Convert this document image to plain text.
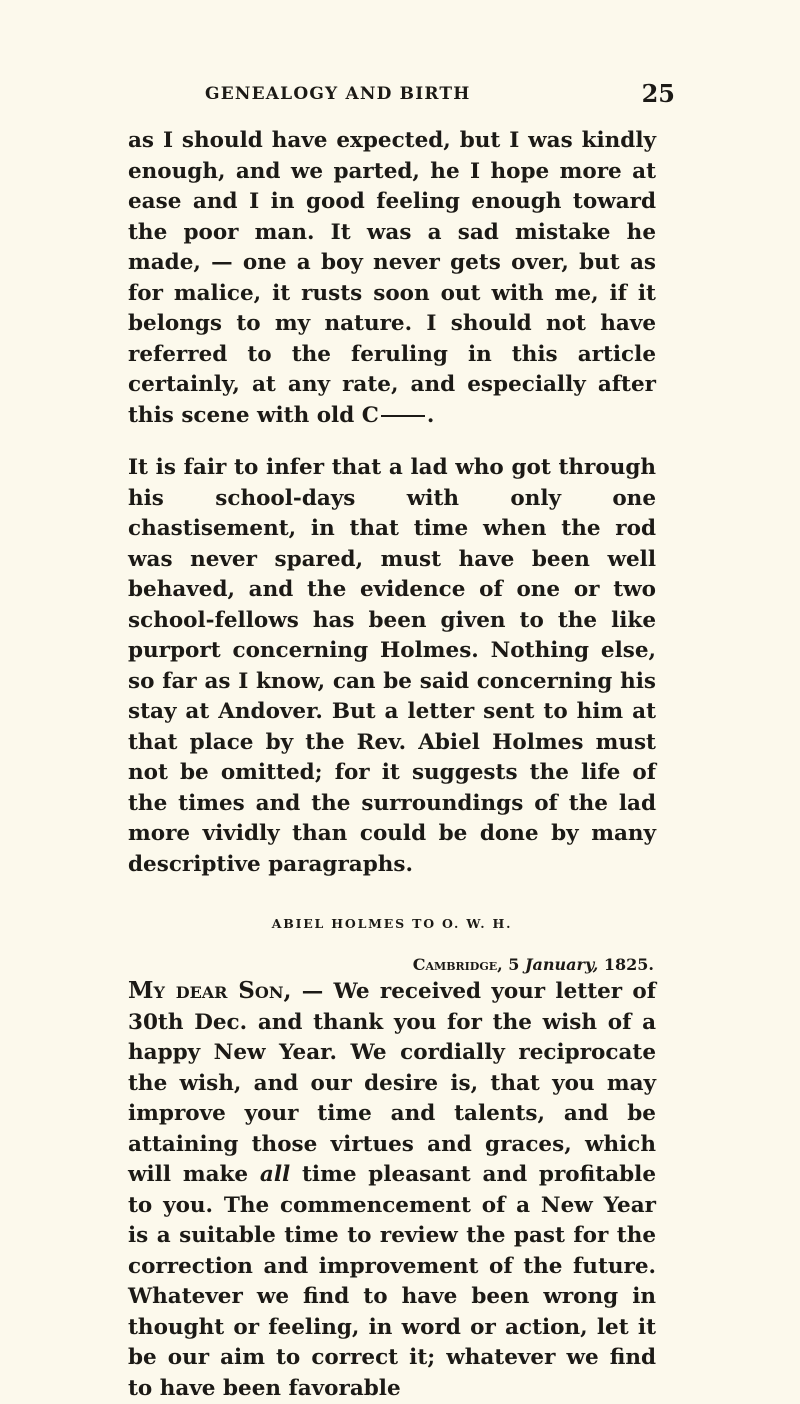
GENEALOGY AND BIRTH	25

as I should have expected, but I was kindly enough, and we parted, he I hope more at ease and I in good feeling enough toward the poor man. It was a sad mistake he made, — one a boy never gets over, but as for malice, it rusts soon out with me, if it belongs to my nature. I should not have referred to the feruling in this article certainly, at any rate, and especially after this scene with old C .

It is fair to infer that a lad who got through his school-days with only one chastisement, in that time when the rod was never spared, must have been well behaved, and the evidence of one or two school-fellows has been given to the like purport concerning Holmes. Nothing else, so far as I know, can be said concerning his stay at Andover. But a letter sent to him at that place by the Rev. Abiel Holmes must not be omitted; for it suggests the life of the times and the surroundings of the lad more vividly than could be done by many descriptive paragraphs.

ABIEL HOLMES TO O. W. H.
Cambridge, 5 January, 1825.

My dear Son, — We received your letter of 30th Dec. and thank you for the wish of a happy New Year. We cordially reciprocate the wish, and our desire is, that you may improve your time and talents, and be attaining those virtues and graces, which will make all time pleasant and profitable to you. The commencement of a New Year is a suitable time to review the past for the correction and improvement of the future. Whatever we find to have been wrong in thought or feeling, in word or action, let it be our aim to correct it; whatever we find to have been favorable
